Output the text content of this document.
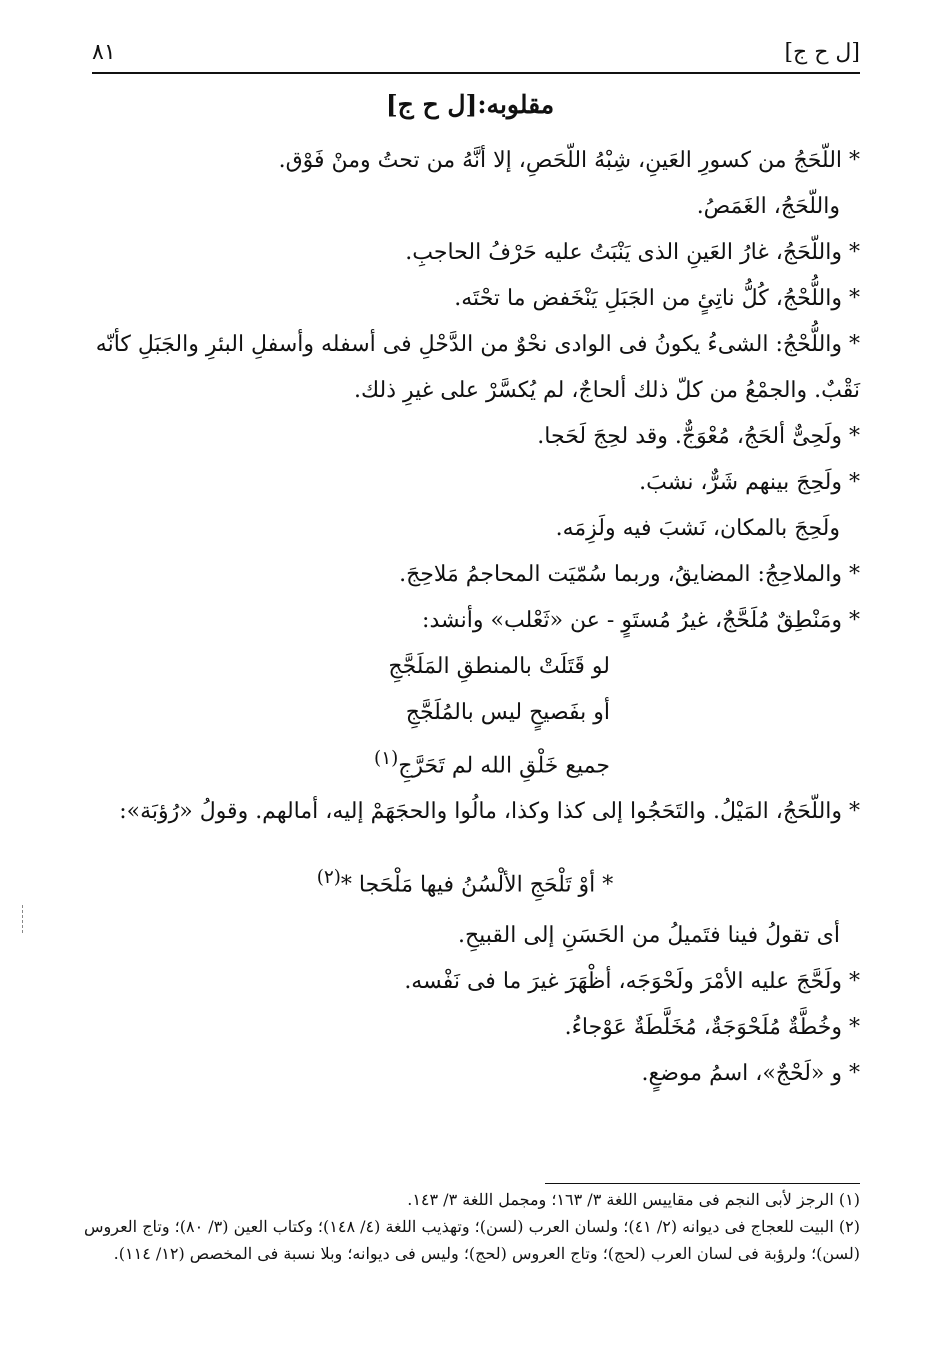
[ل ح ج]
٨١
مقلوبه:[ل ح ج]

* اللّحَجُ من كسورِ العَينِ، شِبْهُ اللّحَصِ، إلا أنَّهُ من تحتُ ومنْ فَوْق.

واللّحَجُ، الغَمَصُ.

* واللّحَجُ، غارُ العَينِ الذى يَنْبَتُ عليه حَرْفُ الحاجبِ.

* واللُّحْجُ، كُلُّ ناتِئٍ من الجَبَلِ يَنْخَفض ما تحْتَه.

* واللُّحْجُ: الشىءُ يكونُ فى الوادى نحْوٌ من الدَّحْلِ فى أسفله وأسفلِ البئرِ والجَبَلِ كأنّه نَقْبٌ. والجمْعُ من كلّ ذلك ألحاجٌ، لم يُكسَّرْ على غيرِ ذلك.

* ولَحِىٌّ ألحَجُ، مُعْوَجٌّ. وقد لحِجَ لَحَجا.

* ولَحِجَ بينهم شَرٌّ، نشبَ.

ولَحِجَ بالمكان، نَشبَ فيه ولَزِمَه.

* والملاحِجُ: المضايقُ، وربما سُمّيَت المحاجمُ مَلاحِجَ.

* ومَنْطِقٌ مُلَحَّجٌ، غيرُ مُستَوٍ - عن «ثَعْلب» وأنشد:

لو قَتَلَتْ بالمنطقِ المَلَجَّجِ

أو بفَصيحٍ ليس بالمُلَجَّجِ

جميع خَلْقِ الله لم تَحَرَّجِ$^{(١)}$

* واللّحَجُ، المَيْلُ. والتَحَجُوا إلى كذا وكذا، مالُوا والحجَهَمْ إليه، أمالهم. وقولُ «رُؤبَة»:

* أوْ تَلْحَجِ الألْسُنُ فيها مَلْحَجا *$^{(٢)}$

أى تقولُ فينا فتَميلُ من الحَسَنِ إلى القبيحِ.

* ولَحَّجَ عليه الأمْرَ ولَحْوَجَه، أظْهَرَ غيرَ ما فى نَفْسه.

* وخُطَّةٌ مُلَحْوَجَةٌ، مُخَلَّطَةٌ عَوْجاءُ.

* و «لَحْجٌ»، اسمُ موضعٍ.

(١) الرجز لأبى النجم فى مقاييس اللغة ٣/ ١٦٣؛ ومجمل اللغة ٣/ ١٤٣.

(٢) البيت للعجاج فى ديوانه (٢/ ٤١)؛ ولسان العرب (لسن)؛ وتهذيب اللغة (٤/ ١٤٨)؛ وكتاب العين (٣/ ٨٠)؛ وتاج العروس (لسن)؛ ولرؤبة فى لسان العرب (لحج)؛ وتاج العروس (لحج)؛ وليس فى ديوانه؛ وبلا نسبة فى المخصص (١٢/ ١١٤).
